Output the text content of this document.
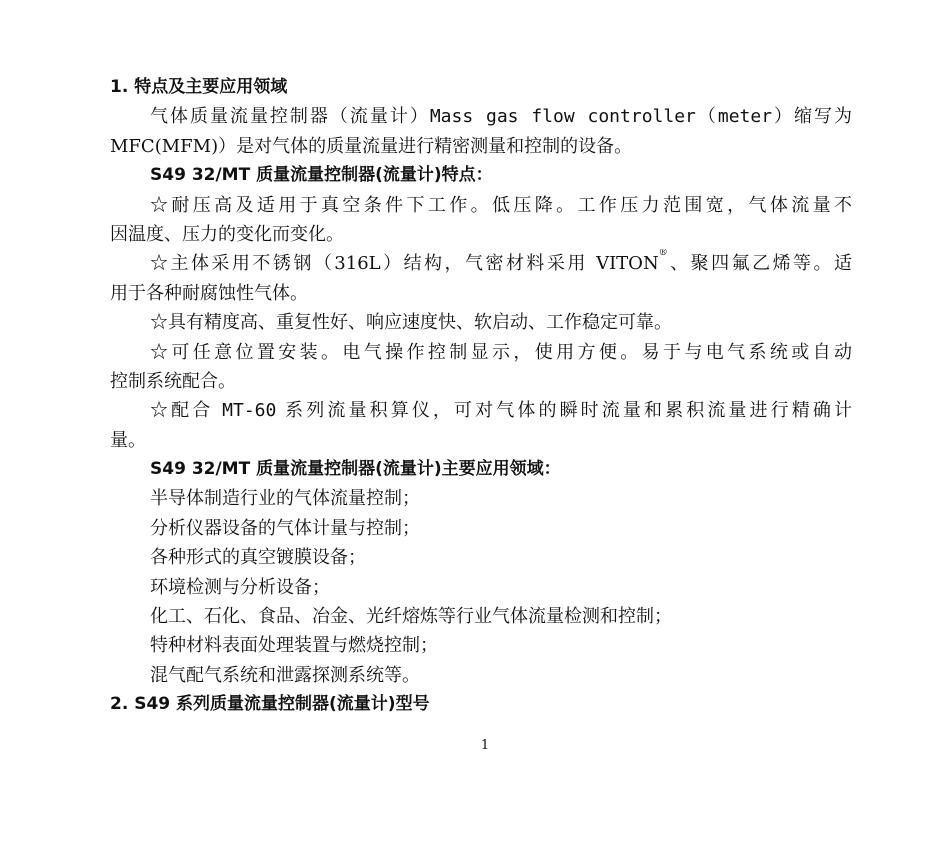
1. 特点及主要应用领域
气体质量流量控制器（流量计）Mass gas flow controller（meter）缩写为
MFC(MFM)）是对气体的质量流量进行精密测量和控制的设备。
S49 32/MT 质量流量控制器(流量计)特点：
☆耐压高及适用于真空条件下工作。低压降。工作压力范围宽，气体流量不
因温度、压力的变化而变化。
☆主体采用不锈钢（316L）结构，气密材料采用 VITON®、聚四氟乙烯等。适
用于各种耐腐蚀性气体。
☆具有精度高、重复性好、响应速度快、软启动、工作稳定可靠。
☆可任意位置安装。电气操作控制显示，使用方便。易于与电气系统或自动
控制系统配合。
☆配合 MT-60 系列流量积算仪，可对气体的瞬时流量和累积流量进行精确计
量。
S49 32/MT 质量流量控制器(流量计)主要应用领域：
半导体制造行业的气体流量控制；
分析仪器设备的气体计量与控制；
各种形式的真空镀膜设备；
环境检测与分析设备；
化工、石化、食品、冶金、光纤熔炼等行业气体流量检测和控制；
特种材料表面处理装置与燃烧控制；
混气配气系统和泄露探测系统等。
2. S49 系列质量流量控制器(流量计)型号
1
